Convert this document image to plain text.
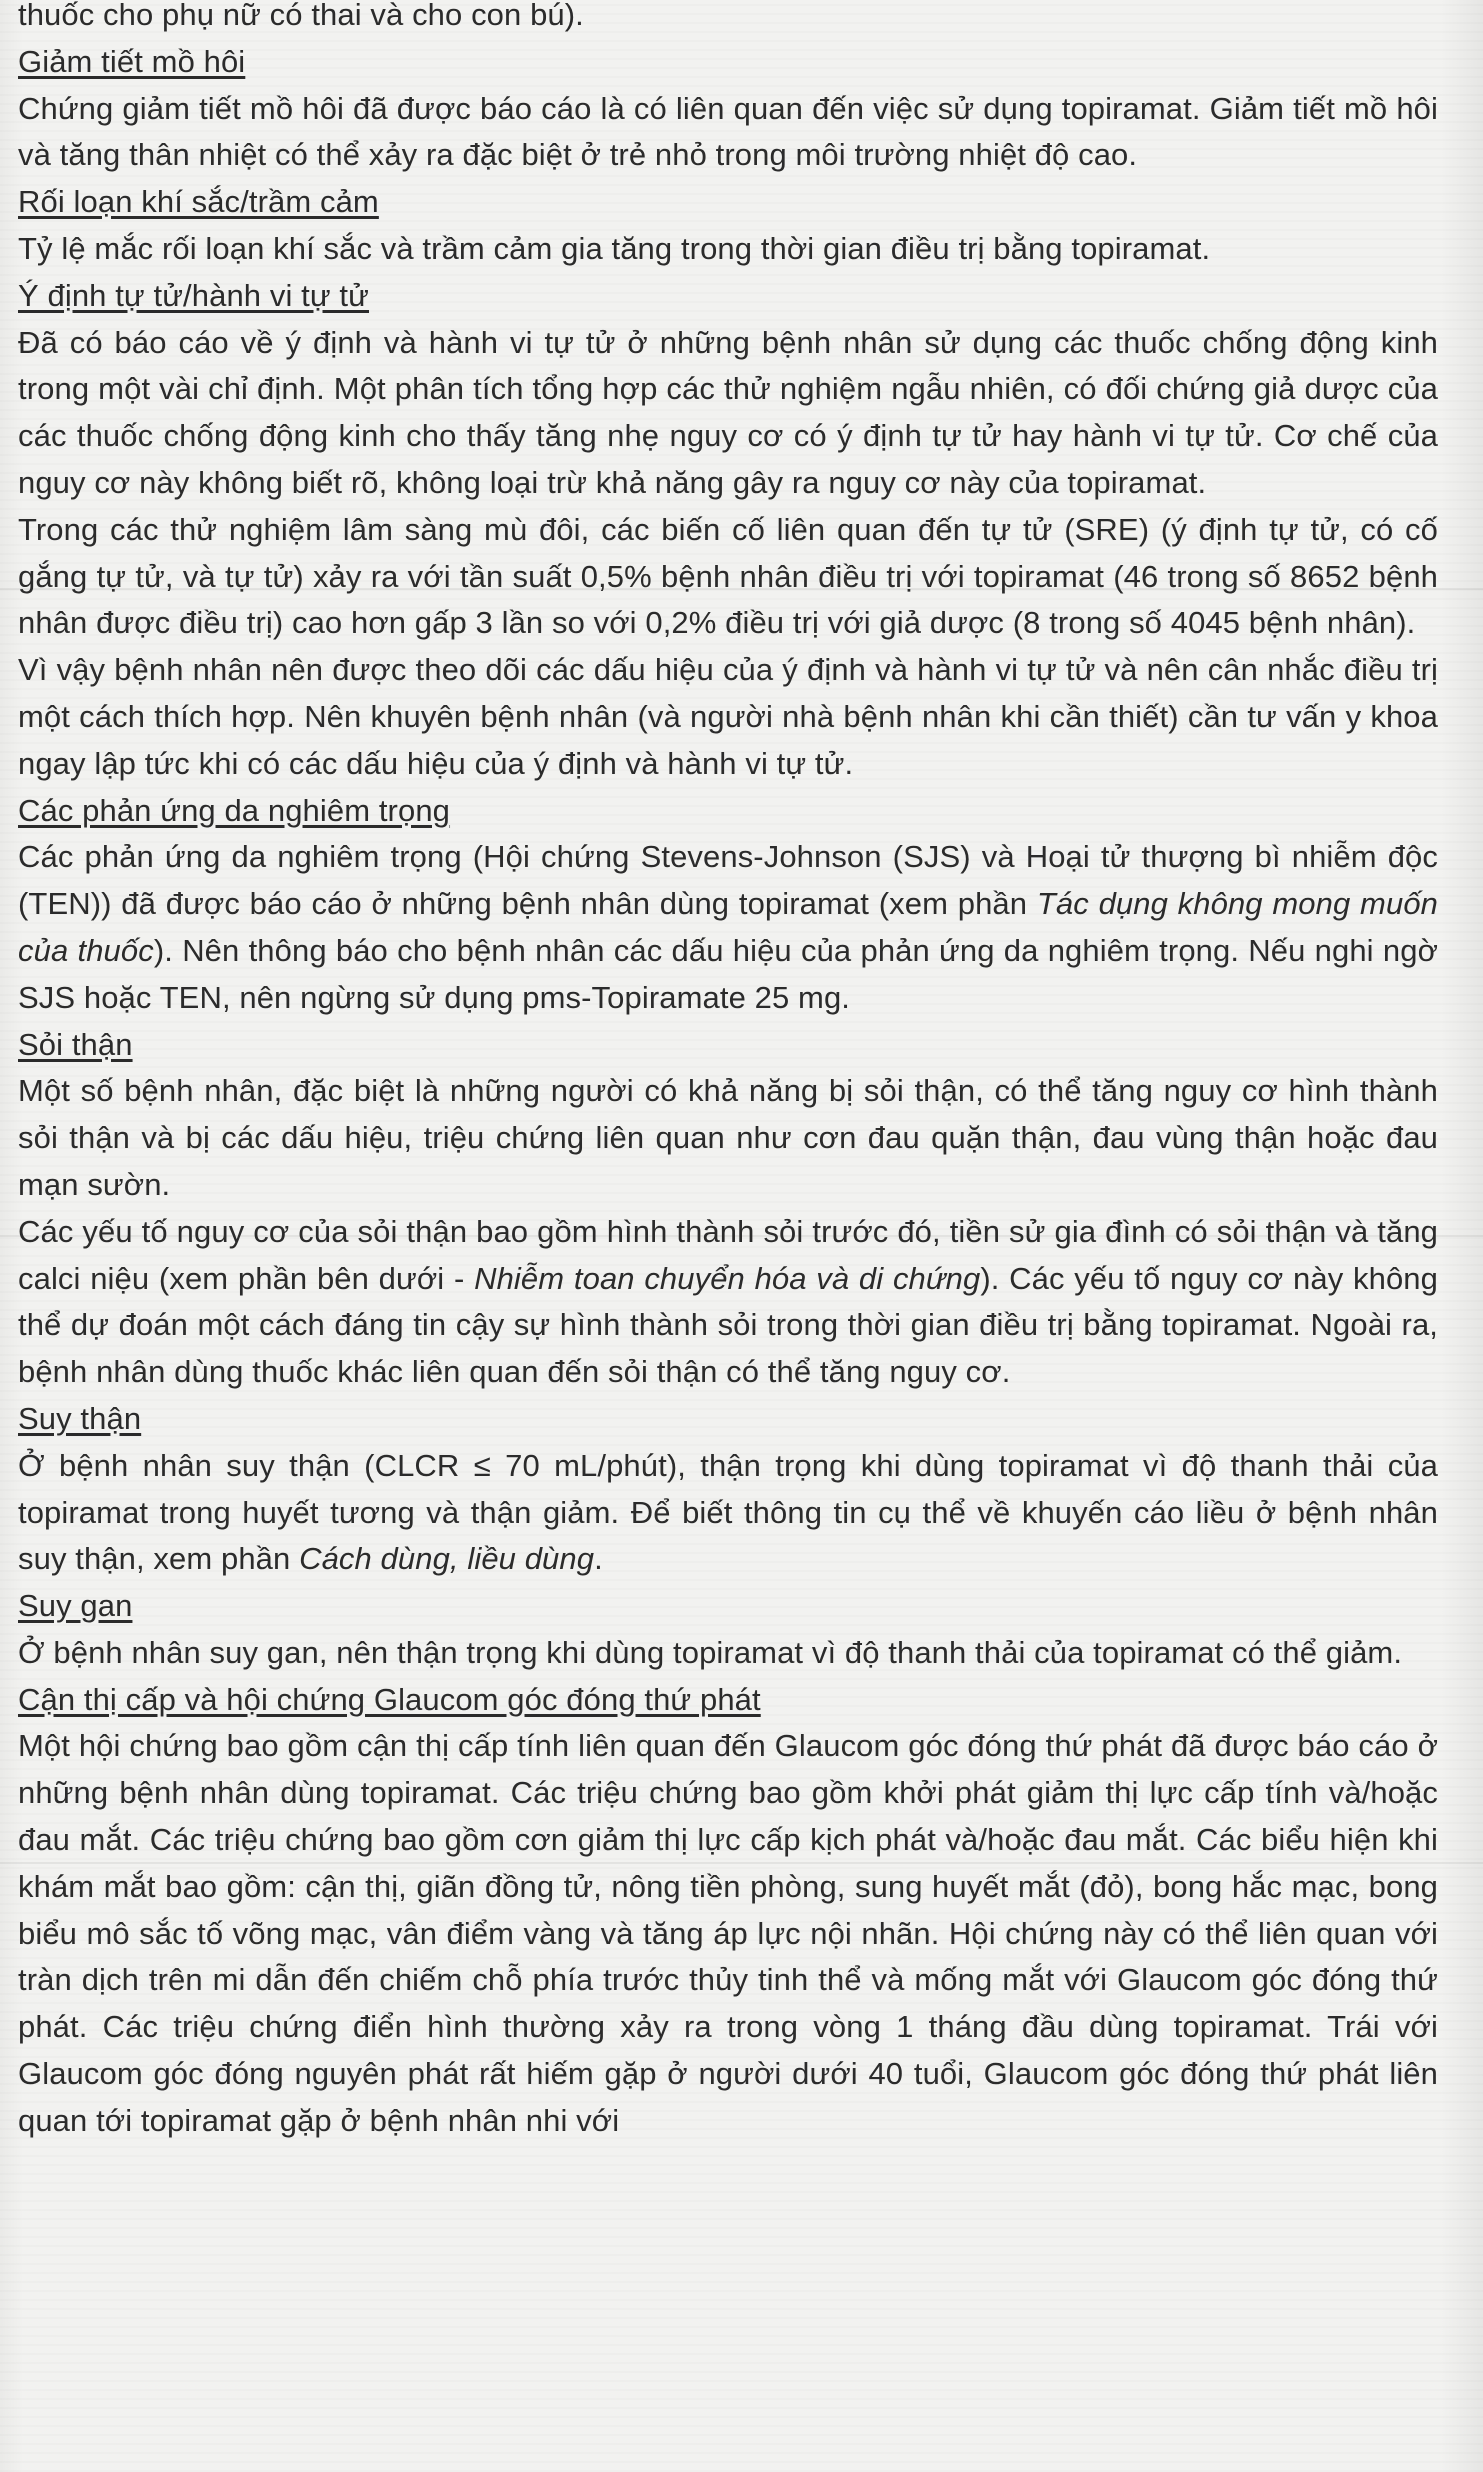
thuốc cho phụ nữ có thai và cho con bú).

Giảm tiết mồ hôi

Chứng giảm tiết mồ hôi đã được báo cáo là có liên quan đến việc sử dụng topiramat. Giảm tiết mồ hôi và tăng thân nhiệt có thể xảy ra đặc biệt ở trẻ nhỏ trong môi trường nhiệt độ cao.

Rối loạn khí sắc/trầm cảm

Tỷ lệ mắc rối loạn khí sắc và trầm cảm gia tăng trong thời gian điều trị bằng topiramat.

Ý định tự tử/hành vi tự tử

Đã có báo cáo về ý định và hành vi tự tử ở những bệnh nhân sử dụng các thuốc chống động kinh trong một vài chỉ định. Một phân tích tổng hợp các thử nghiệm ngẫu nhiên, có đối chứng giả dược của các thuốc chống động kinh cho thấy tăng nhẹ nguy cơ có ý định tự tử hay hành vi tự tử. Cơ chế của nguy cơ này không biết rõ, không loại trừ khả năng gây ra nguy cơ này của topiramat.

Trong các thử nghiệm lâm sàng mù đôi, các biến cố liên quan đến tự tử (SRE) (ý định tự tử, có cố gắng tự tử, và tự tử) xảy ra với tần suất 0,5% bệnh nhân điều trị với topiramat (46 trong số 8652 bệnh nhân được điều trị) cao hơn gấp 3 lần so với 0,2% điều trị với giả dược (8 trong số 4045 bệnh nhân).

Vì vậy bệnh nhân nên được theo dõi các dấu hiệu của ý định và hành vi tự tử và nên cân nhắc điều trị một cách thích hợp. Nên khuyên bệnh nhân (và người nhà bệnh nhân khi cần thiết) cần tư vấn y khoa ngay lập tức khi có các dấu hiệu của ý định và hành vi tự tử.

Các phản ứng da nghiêm trọng

Các phản ứng da nghiêm trọng (Hội chứng Stevens-Johnson (SJS) và Hoại tử thượng bì nhiễm độc (TEN)) đã được báo cáo ở những bệnh nhân dùng topiramat (xem phần Tác dụng không mong muốn của thuốc). Nên thông báo cho bệnh nhân các dấu hiệu của phản ứng da nghiêm trọng. Nếu nghi ngờ SJS hoặc TEN, nên ngừng sử dụng pms-Topiramate 25 mg.

Sỏi thận

Một số bệnh nhân, đặc biệt là những người có khả năng bị sỏi thận, có thể tăng nguy cơ hình thành sỏi thận và bị các dấu hiệu, triệu chứng liên quan như cơn đau quặn thận, đau vùng thận hoặc đau mạn sườn.

Các yếu tố nguy cơ của sỏi thận bao gồm hình thành sỏi trước đó, tiền sử gia đình có sỏi thận và tăng calci niệu (xem phần bên dưới - Nhiễm toan chuyển hóa và di chứng). Các yếu tố nguy cơ này không thể dự đoán một cách đáng tin cậy sự hình thành sỏi trong thời gian điều trị bằng topiramat. Ngoài ra, bệnh nhân dùng thuốc khác liên quan đến sỏi thận có thể tăng nguy cơ.

Suy thận

Ở bệnh nhân suy thận (CLCR ≤ 70 mL/phút), thận trọng khi dùng topiramat vì độ thanh thải của topiramat trong huyết tương và thận giảm. Để biết thông tin cụ thể về khuyến cáo liều ở bệnh nhân suy thận, xem phần Cách dùng, liều dùng.

Suy gan

Ở bệnh nhân suy gan, nên thận trọng khi dùng topiramat vì độ thanh thải của topiramat có thể giảm.

Cận thị cấp và hội chứng Glaucom góc đóng thứ phát

Một hội chứng bao gồm cận thị cấp tính liên quan đến Glaucom góc đóng thứ phát đã được báo cáo ở những bệnh nhân dùng topiramat. Các triệu chứng bao gồm khởi phát giảm thị lực cấp tính và/hoặc đau mắt. Các triệu chứng bao gồm cơn giảm thị lực cấp kịch phát và/hoặc đau mắt. Các biểu hiện khi khám mắt bao gồm: cận thị, giãn đồng tử, nông tiền phòng, sung huyết mắt (đỏ), bong hắc mạc, bong biểu mô sắc tố võng mạc, vân điểm vàng và tăng áp lực nội nhãn. Hội chứng này có thể liên quan với tràn dịch trên mi dẫn đến chiếm chỗ phía trước thủy tinh thể và mống mắt với Glaucom góc đóng thứ phát. Các triệu chứng điển hình thường xảy ra trong vòng 1 tháng đầu dùng topiramat. Trái với Glaucom góc đóng nguyên phát rất hiếm gặp ở người dưới 40 tuổi, Glaucom góc đóng thứ phát liên quan tới topiramat gặp ở bệnh nhân nhi với
